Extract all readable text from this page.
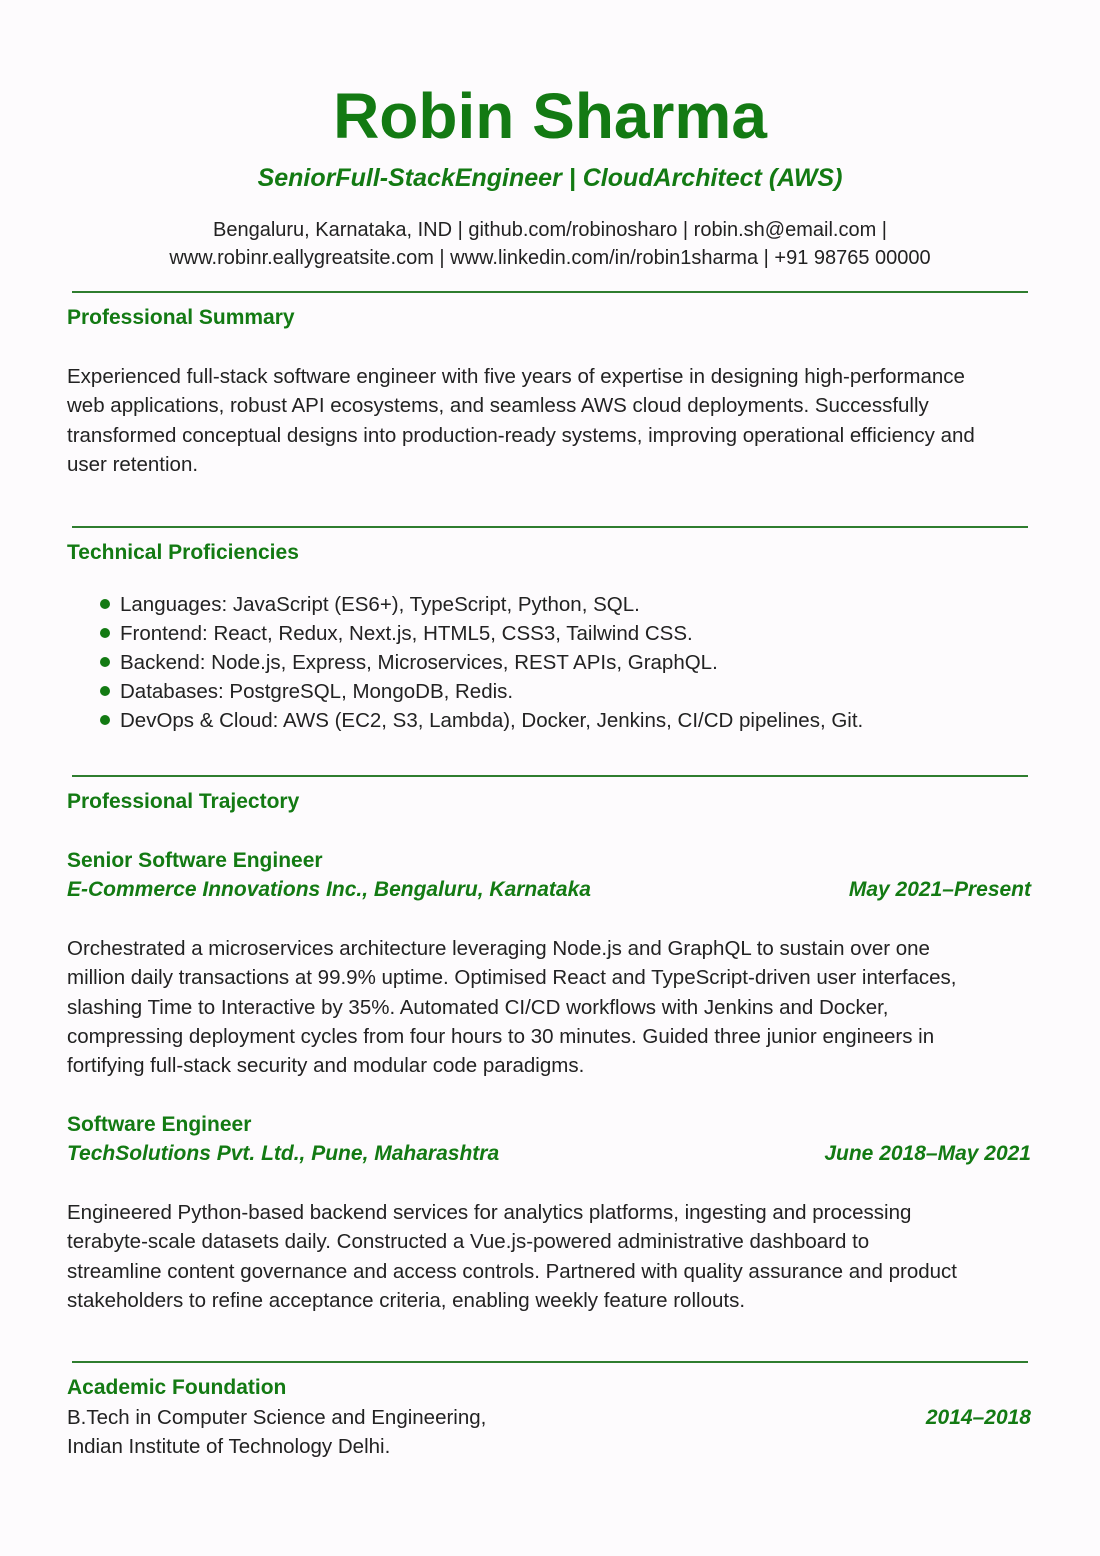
Robin Sharma
SeniorFull-StackEngineer | CloudArchitect (AWS)
Bengaluru, Karnataka, IND | github.com/robinosharo | robin.sh@email.com |
www.robinr.eallygreatsite.com | www.linkedin.com/in/robin1sharma | +91 98765 00000
Professional Summary
Experienced full-stack software engineer with five years of expertise in designing high-performance
web applications, robust API ecosystems, and seamless AWS cloud deployments. Successfully
transformed conceptual designs into production-ready systems, improving operational efficiency and
user retention.
Technical Proficiencies
Languages: JavaScript (ES6+), TypeScript, Python, SQL.
Frontend: React, Redux, Next.js, HTML5, CSS3, Tailwind CSS.
Backend: Node.js, Express, Microservices, REST APIs, GraphQL.
Databases: PostgreSQL, MongoDB, Redis.
DevOps & Cloud: AWS (EC2, S3, Lambda), Docker, Jenkins, CI/CD pipelines, Git.
Professional Trajectory
Senior Software Engineer
E-Commerce Innovations Inc., Bengaluru, Karnataka	May 2021–Present
Orchestrated a microservices architecture leveraging Node.js and GraphQL to sustain over one
million daily transactions at 99.9% uptime. Optimised React and TypeScript-driven user interfaces,
slashing Time to Interactive by 35%. Automated CI/CD workflows with Jenkins and Docker,
compressing deployment cycles from four hours to 30 minutes. Guided three junior engineers in
fortifying full-stack security and modular code paradigms.
Software Engineer
TechSolutions Pvt. Ltd., Pune, Maharashtra	June 2018–May 2021
Engineered Python-based backend services for analytics platforms, ingesting and processing
terabyte-scale datasets daily. Constructed a Vue.js-powered administrative dashboard to
streamline content governance and access controls. Partnered with quality assurance and product
stakeholders to refine acceptance criteria, enabling weekly feature rollouts.
Academic Foundation
B.Tech in Computer Science and Engineering,
Indian Institute of Technology Delhi.
2014–2018
